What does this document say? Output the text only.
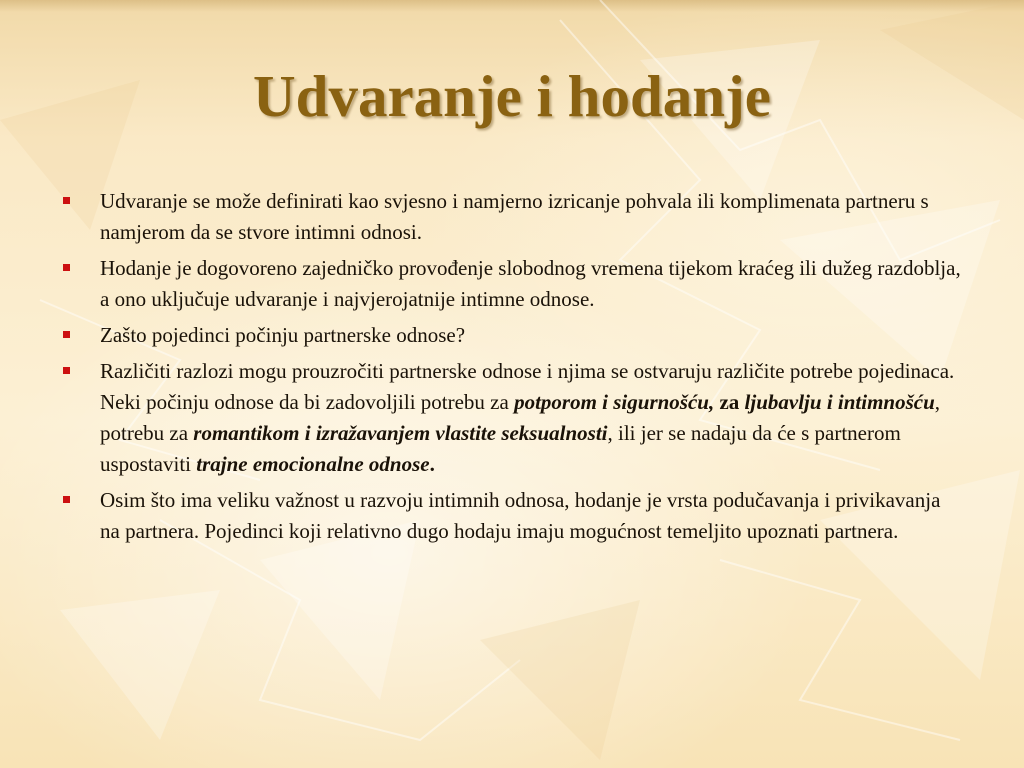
Udvaranje i hodanje
Udvaranje se može definirati kao svjesno i namjerno izricanje pohvala ili komplimenata partneru s namjerom da se stvore intimni odnosi.
Hodanje je dogovoreno zajedničko provođenje slobodnog vremena tijekom kraćeg ili dužeg razdoblja, a ono uključuje udvaranje i najvjerojatnije intimne odnose.
Zašto pojedinci počinju partnerske odnose?
Različiti razlozi mogu prouzročiti partnerske odnose i njima se ostvaruju različite potrebe pojedinaca. Neki počinju odnose da bi zadovoljili potrebu za potporom i sigurnošću, za ljubavlju i intimnošću, potrebu za romantikom i izražavanjem vlastite seksualnosti, ili jer se nadaju da će s partnerom uspostaviti trajne emocionalne odnose.
Osim što ima veliku važnost u razvoju intimnih odnosa, hodanje je vrsta podučavanja i privikavanja na partnera. Pojedinci koji relativno dugo hodaju imaju mogućnost temeljito upoznati partnera.
